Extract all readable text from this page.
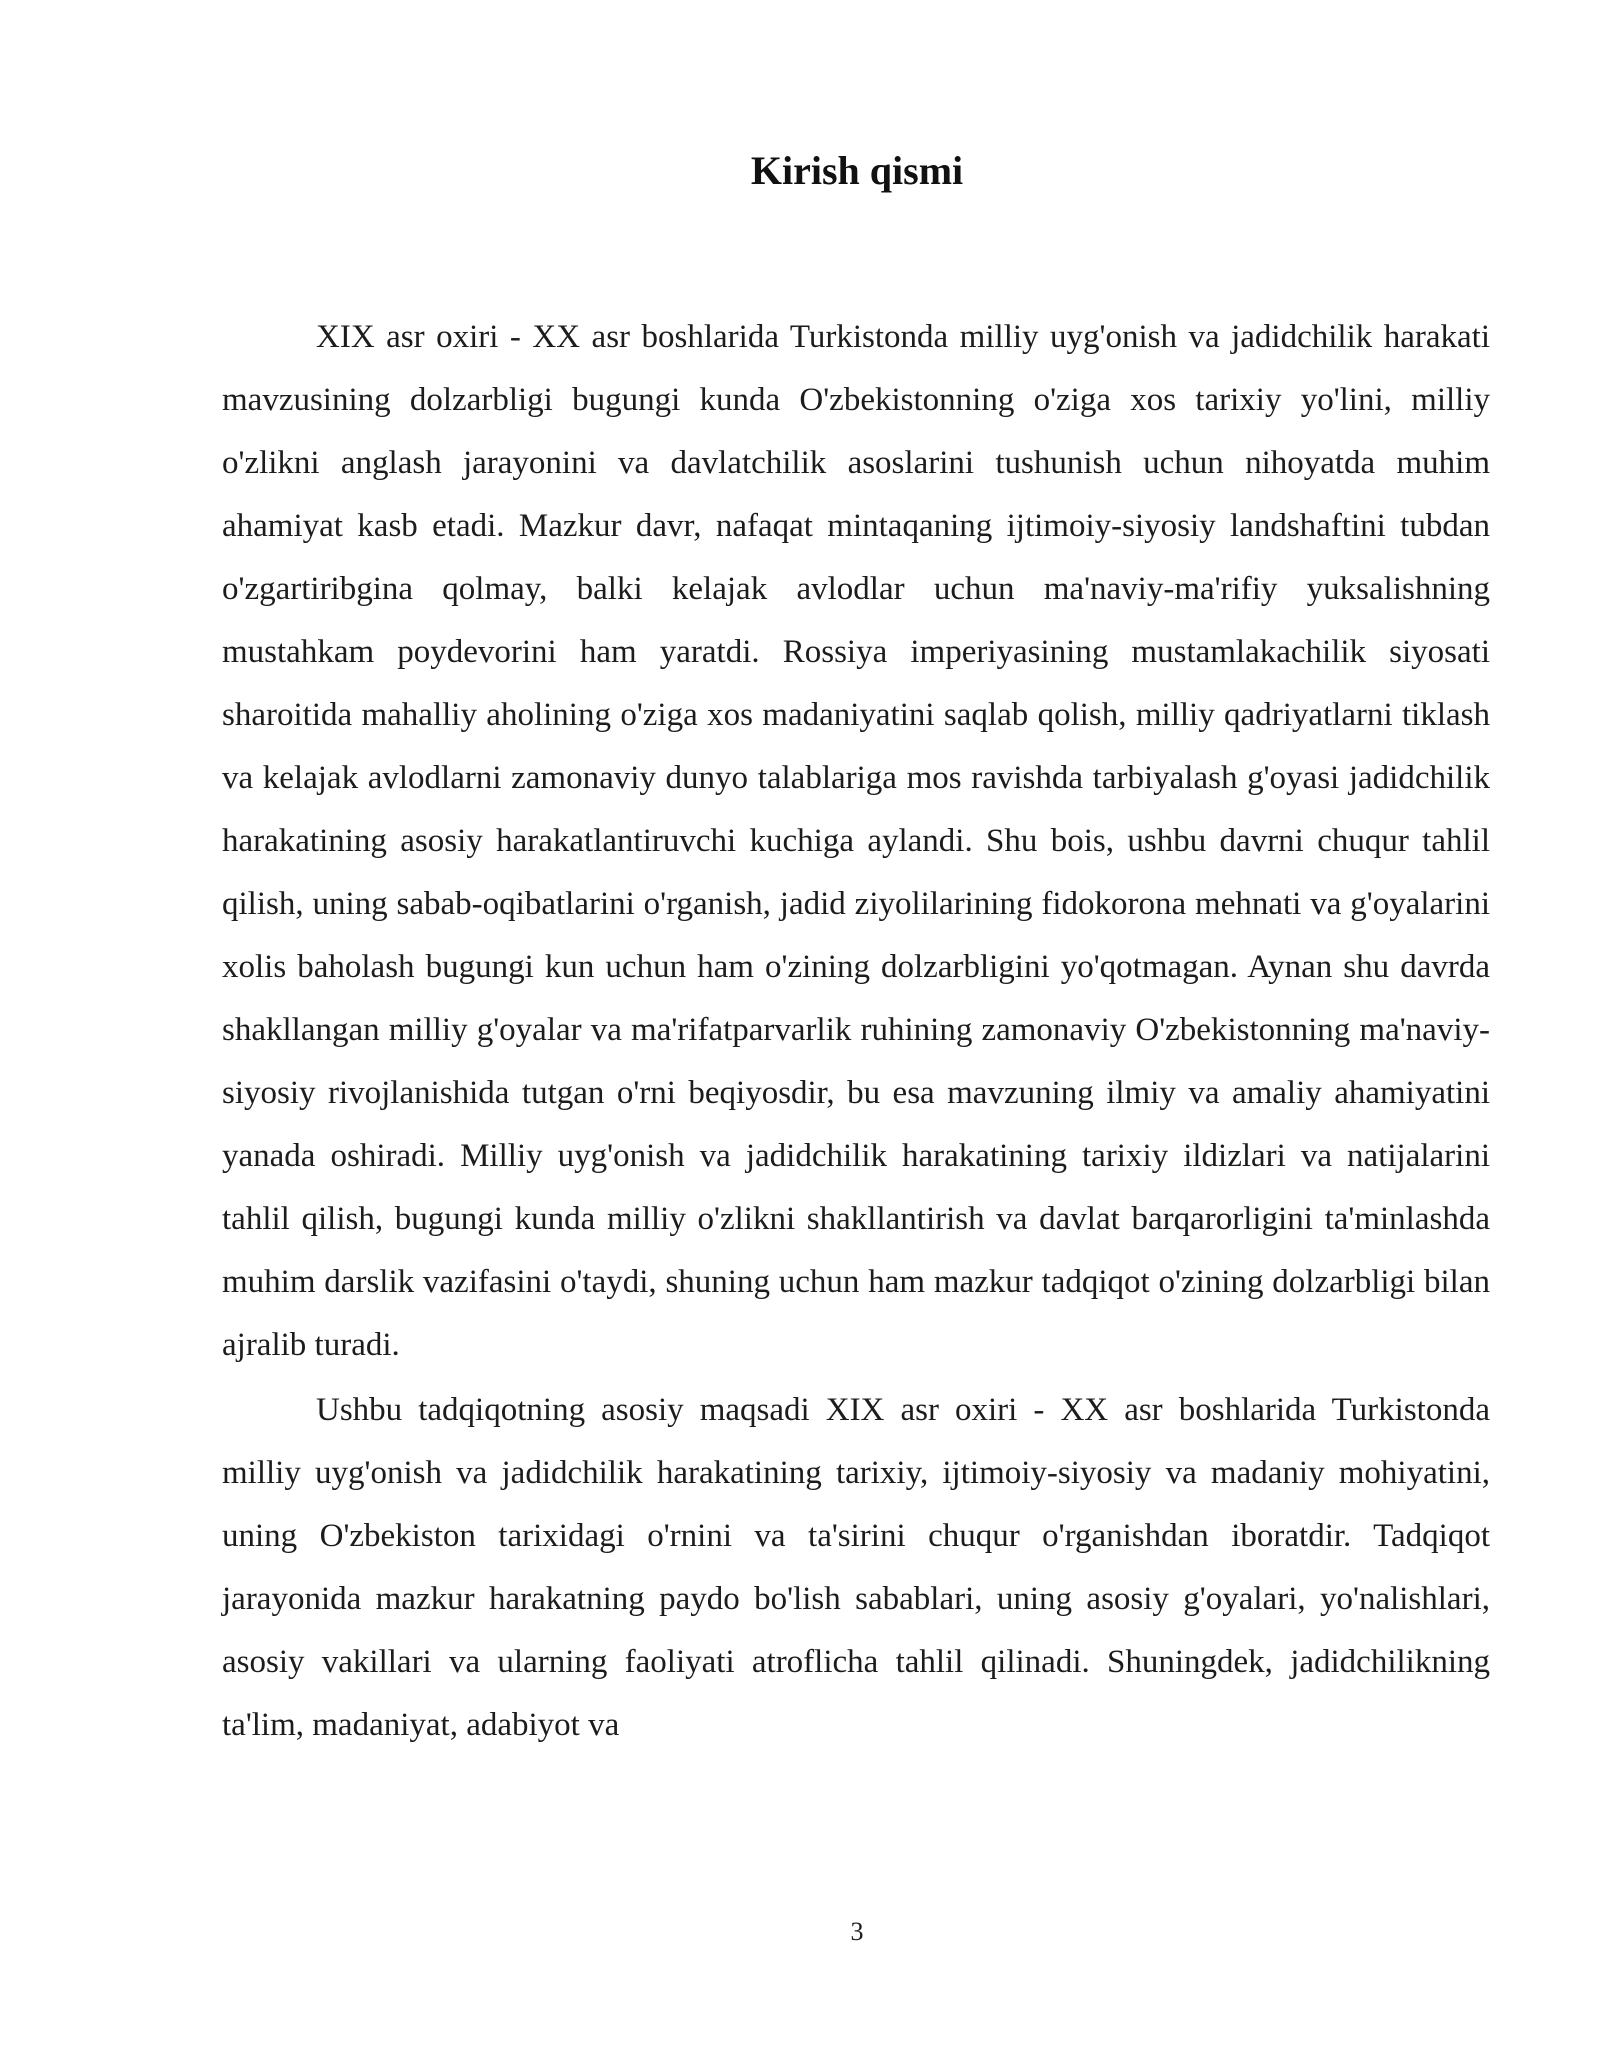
Kirish qismi

XIX asr oxiri - XX asr boshlarida Turkistonda milliy uyg'onish va jadidchilik harakati mavzusining dolzarbligi bugungi kunda O'zbekistonning o'ziga xos tarixiy yo'lini, milliy o'zlikni anglash jarayonini va davlatchilik asoslarini tushunish uchun nihoyatda muhim ahamiyat kasb etadi. Mazkur davr, nafaqat mintaqaning ijtimoiy-siyosiy landshaftini tubdan o'zgartiribgina qolmay, balki kelajak avlodlar uchun ma'naviy-ma'rifiy yuksalishning mustahkam poydevorini ham yaratdi. Rossiya imperiyasining mustamlakachilik siyosati sharoitida mahalliy aholining o'ziga xos madaniyatini saqlab qolish, milliy qadriyatlarni tiklash va kelajak avlodlarni zamonaviy dunyo talablariga mos ravishda tarbiyalash g'oyasi jadidchilik harakatining asosiy harakatlantiruvchi kuchiga aylandi. Shu bois, ushbu davrni chuqur tahlil qilish, uning sabab-oqibatlarini o'rganish, jadid ziyolilarining fidokorona mehnati va g'oyalarini xolis baholash bugungi kun uchun ham o'zining dolzarbligini yo'qotmagan. Aynan shu davrda shakllangan milliy g'oyalar va ma'rifatparvarlik ruhining zamonaviy O'zbekistonning ma'naviy-siyosiy rivojlanishida tutgan o'rni beqiyosdir, bu esa mavzuning ilmiy va amaliy ahamiyatini yanada oshiradi. Milliy uyg'onish va jadidchilik harakatining tarixiy ildizlari va natijalarini tahlil qilish, bugungi kunda milliy o'zlikni shakllantirish va davlat barqarorligini ta'minlashda muhim darslik vazifasini o'taydi, shuning uchun ham mazkur tadqiqot o'zining dolzarbligi bilan ajralib turadi.

Ushbu tadqiqotning asosiy maqsadi XIX asr oxiri - XX asr boshlarida Turkistonda milliy uyg'onish va jadidchilik harakatining tarixiy, ijtimoiy-siyosiy va madaniy mohiyatini, uning O'zbekiston tarixidagi o'rnini va ta'sirini chuqur o'rganishdan iboratdir. Tadqiqot jarayonida mazkur harakatning paydo bo'lish sabablari, uning asosiy g'oyalari, yo'nalishlari, asosiy vakillari va ularning faoliyati atroflicha tahlil qilinadi. Shuningdek, jadidchilikning ta'lim, madaniyat, adabiyot va

3
